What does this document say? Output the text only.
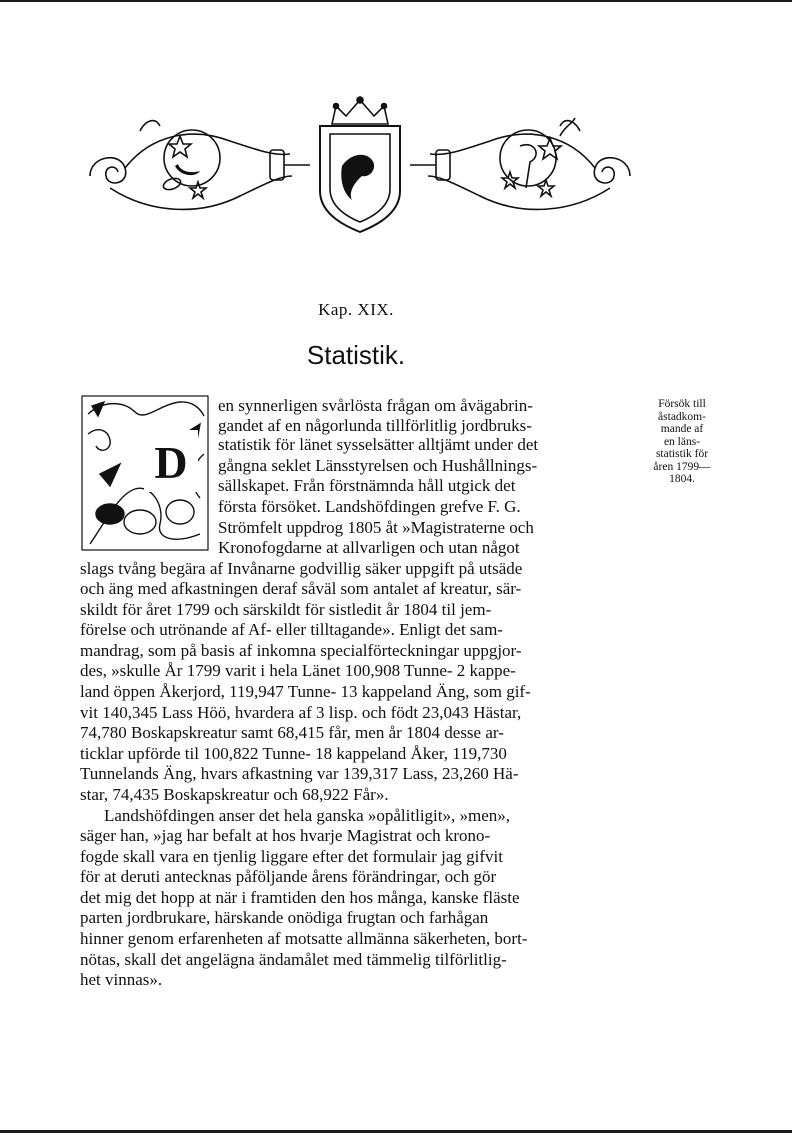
Kap. XIX.
Statistik.
D
en synnerligen svårlösta frågan om åvägabrin-
gandet af en någorlunda tillförlitlig jordbruks-
statistik för länet sysselsätter alltjämt under det
gångna seklet Länsstyrelsen och Hushållnings-
sällskapet. Från förstnämnda håll utgick det
första försöket. Landshöfdingen grefve F. G.
Strömfelt uppdrog 1805 åt »Magistraterne och
Kronofogdarne at allvarligen och utan något
slags tvång begära af Invånarne godvillig säker uppgift på utsäde
och äng med afkastningen deraf såväl som antalet af kreatur, sär-
skildt för året 1799 och särskildt för sistledit år 1804 til jem-
förelse och utrönande af Af- eller tilltagande». Enligt det sam-
mandrag, som på basis af inkomna specialförteckningar uppgjor-
des, »skulle År 1799 varit i hela Länet 100,908 Tunne- 2 kappe-
land öppen Åkerjord, 119,947 Tunne- 13 kappeland Äng, som gif-
vit 140,345 Lass Höö, hvardera af 3 lisp. och födt 23,043 Hästar,
74,780 Boskapskreatur samt 68,415 får, men år 1804 desse ar-
ticklar upförde til 100,822 Tunne- 18 kappeland Åker, 119,730
Tunnelands Äng, hvars afkastning var 139,317 Lass, 23,260 Hä-
star, 74,435 Boskapskreatur och 68,922 Får».
Landshöfdingen anser det hela ganska »opålitligit», »men»,
säger han, »jag har befalt at hos hvarje Magistrat och krono-
fogde skall vara en tjenlig liggare efter det formulair jag gifvit
för at deruti antecknas påföljande årens förändringar, och gör
det mig det hopp at när i framtiden den hos många, kanske fläste
parten jordbrukare, härskande onödiga frugtan och farhågan
hinner genom erfarenheten af motsatte allmänna säkerheten, bort-
nötas, skall det angelägna ändamålet med tämmelig tilförlitlig-
het vinnas».
Försök till
åstadkom-
mande af
en läns-
statistik för
åren 1799—
1804.
